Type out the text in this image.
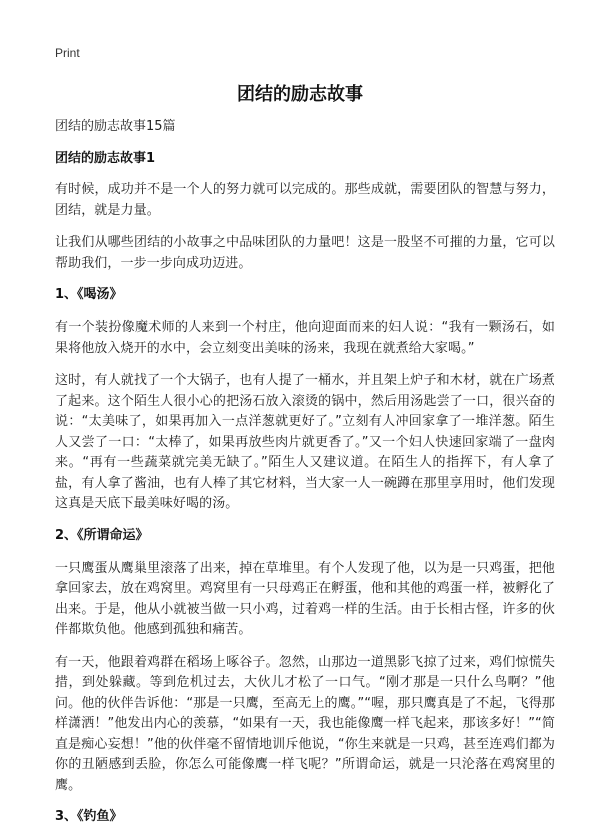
Print
团结的励志故事

团结的励志故事15篇

团结的励志故事1

有时候，成功并不是一个人的努力就可以完成的。那些成就，需要团队的智慧与努力，团结，就是力量。

让我们从哪些团结的小故事之中品味团队的力量吧！这是一股坚不可摧的力量，它可以帮助我们，一步一步向成功迈进。

1、《喝汤》

有一个装扮像魔术师的人来到一个村庄，他向迎面而来的妇人说：“我有一颗汤石，如果将他放入烧开的水中，会立刻变出美味的汤来，我现在就煮给大家喝。”

这时，有人就找了一个大锅子，也有人提了一桶水，并且架上炉子和木材，就在广场煮了起来。这个陌生人很小心的把汤石放入滚烫的锅中，然后用汤匙尝了一口，很兴奋的说：“太美味了，如果再加入一点洋葱就更好了。”立刻有人冲回家拿了一堆洋葱。陌生人又尝了一口：“太棒了，如果再放些肉片就更香了。”又一个妇人快速回家端了一盘肉来。“再有一些蔬菜就完美无缺了。”陌生人又建议道。在陌生人的指挥下，有人拿了盐，有人拿了酱油，也有人棒了其它材料，当大家一人一碗蹲在那里享用时，他们发现这真是天底下最美味好喝的汤。

2、《所谓命运》

一只鹰蛋从鹰巢里滚落了出来，掉在草堆里。有个人发现了他，以为是一只鸡蛋，把他拿回家去，放在鸡窝里。鸡窝里有一只母鸡正在孵蛋，他和其他的鸡蛋一样，被孵化了出来。于是，他从小就被当做一只小鸡，过着鸡一样的生活。由于长相古怪，许多的伙伴都欺负他。他感到孤独和痛苦。

有一天，他跟着鸡群在稻场上啄谷子。忽然，山那边一道黑影飞掠了过来，鸡们惊慌失措，到处躲藏。等到危机过去，大伙儿才松了一口气。“刚才那是一只什么鸟啊？”他问。他的伙伴告诉他：“那是一只鹰，至高无上的鹰。”“喔，那只鹰真是了不起，飞得那样潇洒！”他发出内心的羡慕，“如果有一天，我也能像鹰一样飞起来，那该多好！”“简直是痴心妄想！”他的伙伴毫不留情地训斥他说，“你生来就是一只鸡，甚至连鸡们都为你的丑陋感到丢脸，你怎么可能像鹰一样飞呢？”所谓命运，就是一只沦落在鸡窝里的鹰。

3、《钓鱼》
